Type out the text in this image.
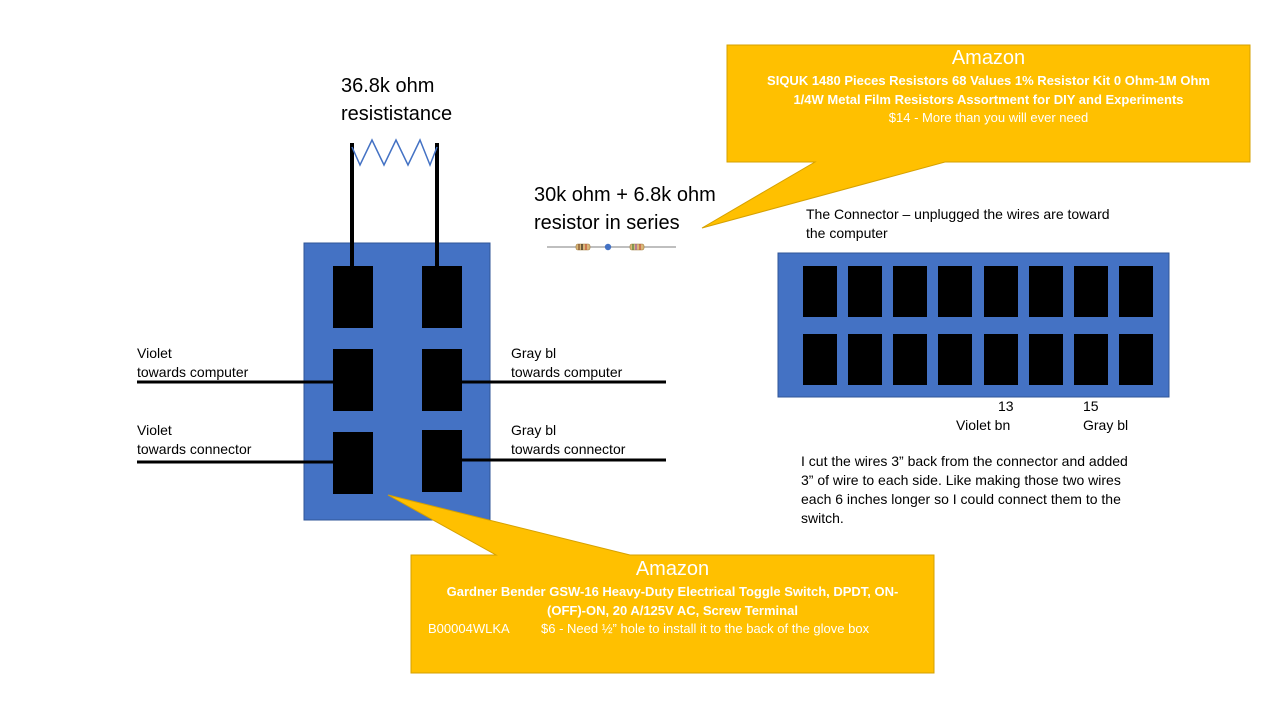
36.8k ohm
resististance
30k ohm + 6.8k ohm
resistor in series
Violet
towards computer
Violet
towards connector
Gray bl
towards computer
Gray bl
towards connector
The Connector – unplugged the wires are toward
the computer
13
Violet bn
15
Gray bl
I cut the wires 3” back from the connector and added
3” of wire to each side. Like making those two wires
each 6 inches longer so I could connect them to the
switch.
Amazon
SIQUK 1480 Pieces Resistors 68 Values 1% Resistor Kit 0 Ohm-1M Ohm
1/4W Metal Film Resistors Assortment for DIY and Experiments
$14 - More than you will ever need
Amazon
Gardner Bender GSW-16 Heavy-Duty Electrical Toggle Switch, DPDT, ON-
(OFF)-ON, 20 A/125V AC, Screw Terminal
B00004WLKA $6 - Need ½” hole to install it to the back of the glove box
